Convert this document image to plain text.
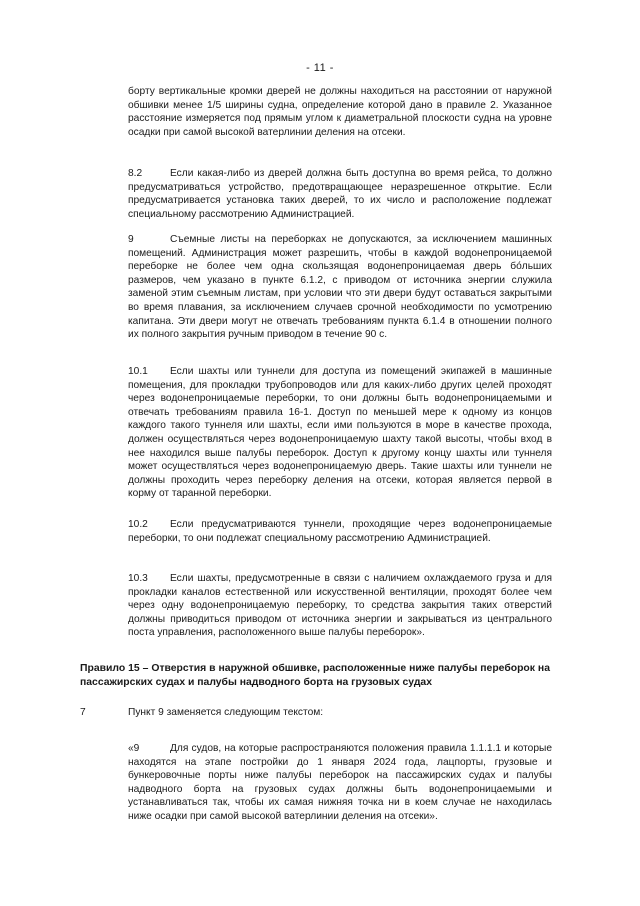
- 11 -
борту вертикальные кромки дверей не должны находиться на расстоянии от наружной обшивки менее 1/5 ширины судна, определение которой дано в правиле 2. Указанное расстояние измеряется под прямым углом к диаметральной плоскости судна на уровне осадки при самой высокой ватерлинии деления на отсеки.
8.2	Если какая-либо из дверей должна быть доступна во время рейса, то должно предусматриваться устройство, предотвращающее неразрешенное открытие. Если предусматривается установка таких дверей, то их число и расположение подлежат специальному рассмотрению Администрацией.
9	Съемные листы на переборках не допускаются, за исключением машинных помещений. Администрация может разрешить, чтобы в каждой водонепроницаемой переборке не более чем одна скользящая водонепроницаемая дверь бо́льших размеров, чем указано в пункте 6.1.2, с приводом от источника энергии служила заменой этим съемным листам, при условии что эти двери будут оставаться закрытыми во время плавания, за исключением случаев срочной необходимости по усмотрению капитана. Эти двери могут не отвечать требованиям пункта 6.1.4 в отношении полного их полного закрытия ручным приводом в течение 90 с.
10.1 Если шахты или туннели для доступа из помещений экипажей в машинные помещения, для прокладки трубопроводов или для каких-либо других целей проходят через водонепроницаемые переборки, то они должны быть водонепроницаемыми и отвечать требованиям правила 16-1. Доступ по меньшей мере к одному из концов каждого такого туннеля или шахты, если ими пользуются в море в качестве прохода, должен осуществляться через водонепроницаемую шахту такой высоты, чтобы вход в нее находился выше палубы переборок. Доступ к другому концу шахты или туннеля может осуществляться через водонепроницаемую дверь. Такие шахты или туннели не должны проходить через переборку деления на отсеки, которая является первой в корму от таранной переборки.
10.2 Если предусматриваются туннели, проходящие через водонепроницаемые переборки, то они подлежат специальному рассмотрению Администрацией.
10.3 Если шахты, предусмотренные в связи с наличием охлаждаемого груза и для прокладки каналов естественной или искусственной вентиляции, проходят более чем через одну водонепроницаемую переборку, то средства закрытия таких отверстий должны приводиться приводом от источника энергии и закрываться из центрального поста управления, расположенного выше палубы переборок».
Правило 15 – Отверстия в наружной обшивке, расположенные ниже палубы переборок на пассажирских судах и палубы надводного борта на грузовых судах
7	Пункт 9 заменяется следующим текстом:
«9	Для судов, на которые распространяются положения правила 1.1.1.1 и которые находятся на этапе постройки до 1 января 2024 года, лацпорты, грузовые и бункеровочные порты ниже палубы переборок на пассажирских судах и палубы надводного борта на грузовых судах должны быть водонепроницаемыми и устанавливаться так, чтобы их самая нижняя точка ни в коем случае не находилась ниже осадки при самой высокой ватерлинии деления на отсеки».
